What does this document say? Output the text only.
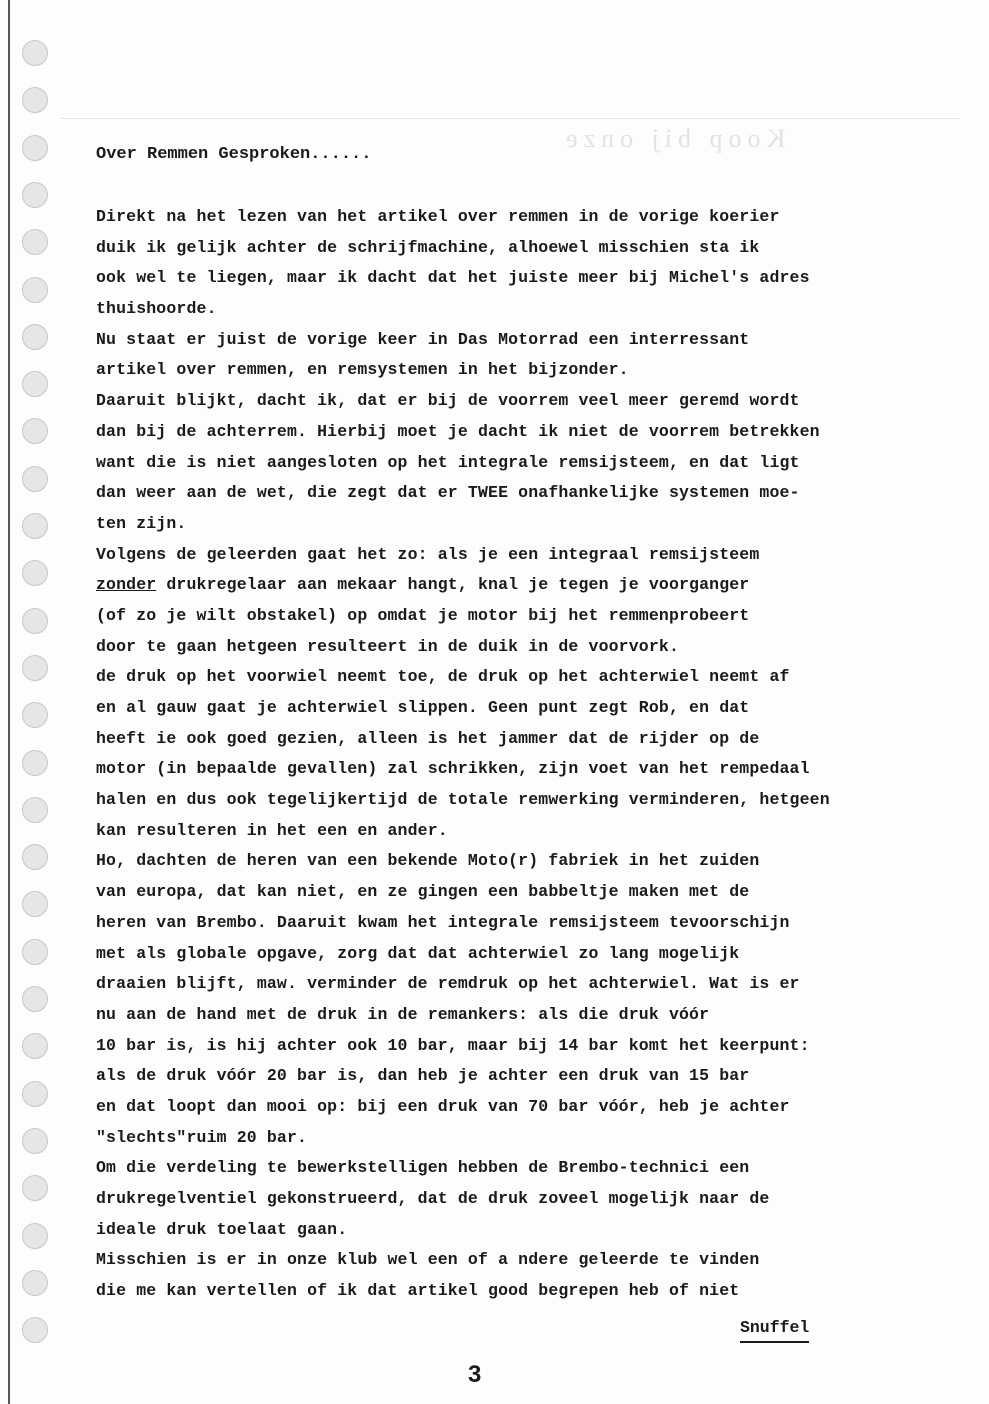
Koop bij onze
Over Remmen Gesproken......
Direkt na het lezen van het artikel over remmen in de vorige koerier
duik ik gelijk achter de schrijfmachine, alhoewel misschien sta ik
ook wel te liegen, maar ik dacht dat het juiste meer bij Michel's adres
thuishoorde.
Nu staat er juist de vorige keer in Das Motorrad een interressant
artikel over remmen, en remsystemen in het bijzonder.
Daaruit blijkt, dacht ik, dat er bij de voorrem veel meer geremd wordt
dan bij de achterrem. Hierbij moet je dacht ik niet de voorrem betrekken
want die is niet aangesloten op het integrale remsijsteem, en dat ligt
dan weer aan de wet, die zegt dat er TWEE onafhankelijke systemen moe-
ten zijn.
Volgens de geleerden gaat het zo: als je een integraal remsijsteem
zonder drukregelaar aan mekaar hangt, knal je tegen je voorganger
(of zo je wilt obstakel) op omdat je motor bij het remmenprobeert
door te gaan hetgeen resulteert in de duik in de voorvork.
de druk op het voorwiel neemt toe, de druk op het achterwiel neemt af
en al gauw gaat je achterwiel slippen. Geen punt zegt Rob, en dat
heeft ie ook goed gezien, alleen is het jammer dat de rijder op de
motor (in bepaalde gevallen) zal schrikken, zijn voet van het rempedaal
halen en dus ook tegelijkertijd de totale remwerking verminderen, hetgeen
kan resulteren in het een en ander.
Ho, dachten de heren van een bekende Moto(r) fabriek in het zuiden
van europa, dat kan niet, en ze gingen een babbeltje maken met de
heren van Brembo. Daaruit kwam het integrale remsijsteem tevoorschijn
met als globale opgave, zorg dat dat achterwiel zo lang mogelijk
draaien blijft, maw. verminder de remdruk op het achterwiel. Wat is er
nu aan de hand met de druk in de remankers: als die druk vóór
10 bar is, is hij achter ook 10 bar, maar bij 14 bar komt het keerpunt:
als de druk vóór 20 bar is, dan heb je achter een druk van 15 bar
en dat loopt dan mooi op: bij een druk van 70 bar vóór, heb je achter
"slechts"ruim 20 bar.
Om die verdeling te bewerkstelligen hebben de Brembo-technici een
drukregelventiel gekonstrueerd, dat de druk zoveel mogelijk naar de
ideale druk toelaat gaan.
Misschien is er in onze klub wel een of a ndere geleerde te vinden
die me kan vertellen of ik dat artikel good begrepen heb of niet
Snuffel
3
